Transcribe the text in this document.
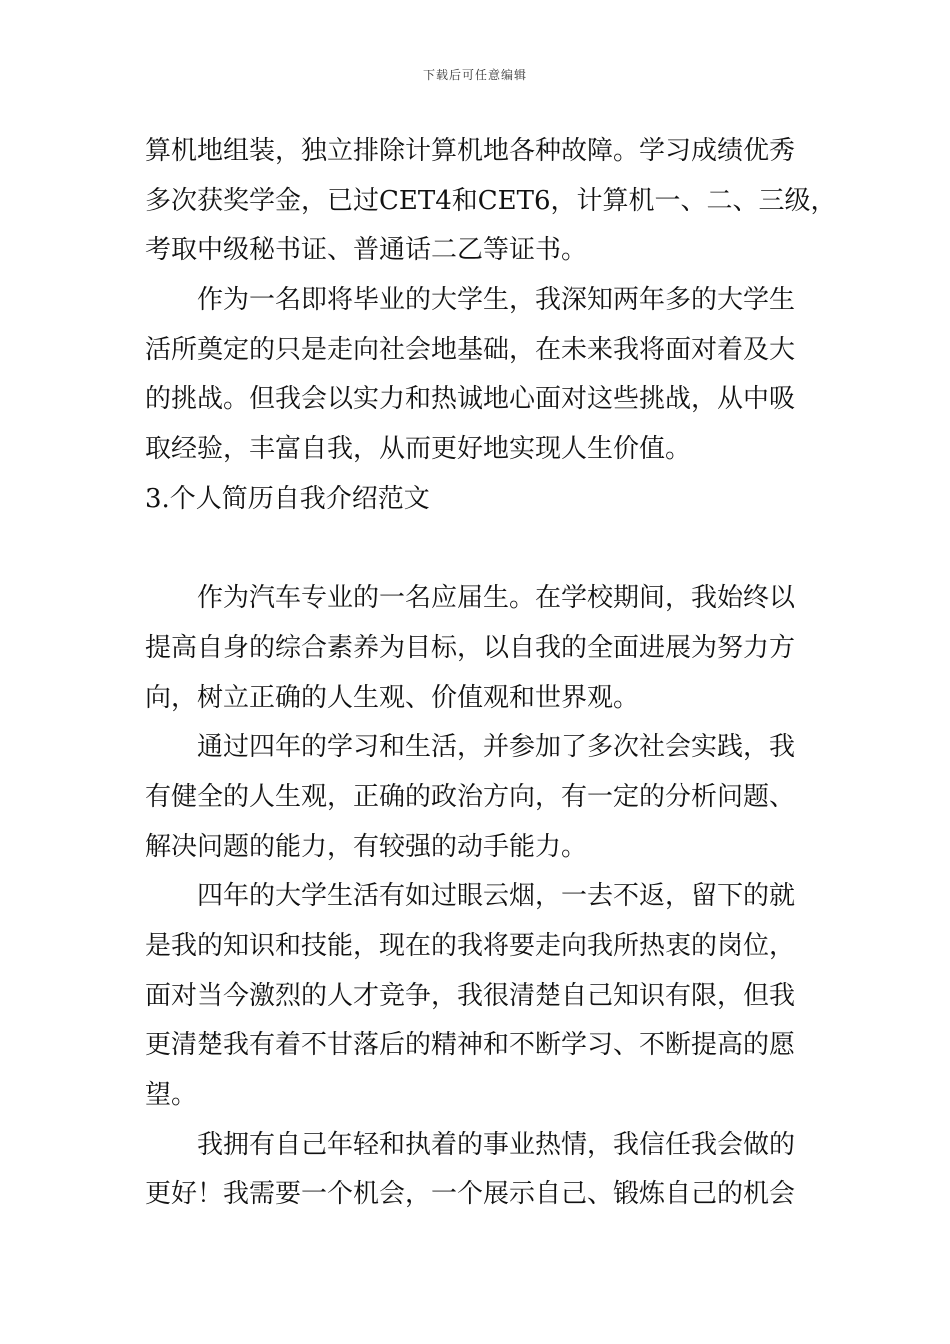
下载后可任意编辑
算机地组装，独立排除计算机地各种故障。学习成绩优秀
多次获奖学金，已过CET4和CET6，计算机一、二、三级，
考取中级秘书证、普通话二乙等证书。
作为一名即将毕业的大学生，我深知两年多的大学生
活所奠定的只是走向社会地基础，在未来我将面对着及大
的挑战。但我会以实力和热诚地心面对这些挑战，从中吸
取经验，丰富自我，从而更好地实现人生价值。
3.个人简历自我介绍范文
作为汽车专业的一名应届生。在学校期间，我始终以
提高自身的综合素养为目标，以自我的全面进展为努力方
向，树立正确的人生观、价值观和世界观。
通过四年的学习和生活，并参加了多次社会实践，我
有健全的人生观，正确的政治方向，有一定的分析问题、
解决问题的能力，有较强的动手能力。
四年的大学生活有如过眼云烟，一去不返，留下的就
是我的知识和技能，现在的我将要走向我所热衷的岗位，
面对当今激烈的人才竞争，我很清楚自己知识有限，但我
更清楚我有着不甘落后的精神和不断学习、不断提高的愿
望。
我拥有自己年轻和执着的事业热情，我信任我会做的
更好！我需要一个机会，一个展示自己、锻炼自己的机会
